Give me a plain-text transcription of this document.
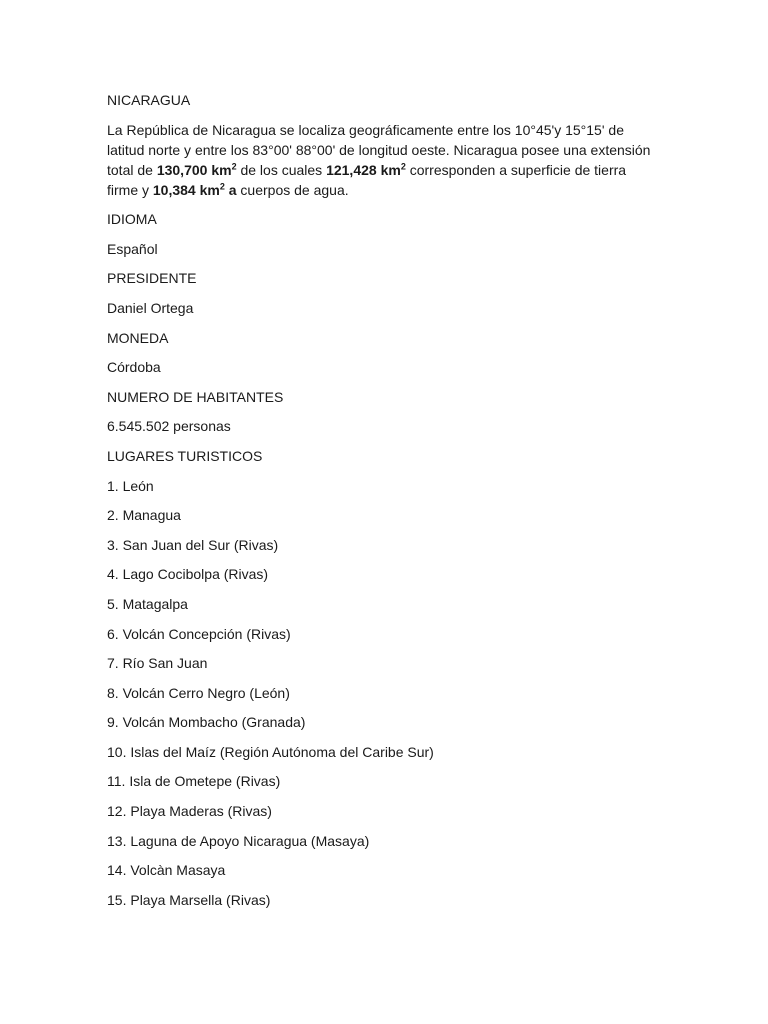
NICARAGUA
La República de Nicaragua se localiza geográficamente entre los 10°45'y 15°15' de latitud norte y entre los 83°00' 88°00' de longitud oeste. Nicaragua posee una extensión total de 130,700 $km^2$ de los cuales 121,428 $km^2$ corresponden a superficie de tierra firme y 10,384 $km^2$ a cuerpos de agua.
IDIOMA
Español
PRESIDENTE
Daniel Ortega
MONEDA
Córdoba
NUMERO DE HABITANTES
6.545.502 personas
LUGARES TURISTICOS
1. León
2. Managua
3. San Juan del Sur (Rivas)
4. Lago Cocibolpa (Rivas)
5. Matagalpa
6. Volcán Concepción (Rivas)
7. Río San Juan
8. Volcán Cerro Negro (León)
9. Volcán Mombacho (Granada)
10. Islas del Maíz (Región Autónoma del Caribe Sur)
11. Isla de Ometepe (Rivas)
12. Playa Maderas (Rivas)
13. Laguna de Apoyo Nicaragua (Masaya)
14. Volcàn Masaya
15. Playa Marsella (Rivas)
